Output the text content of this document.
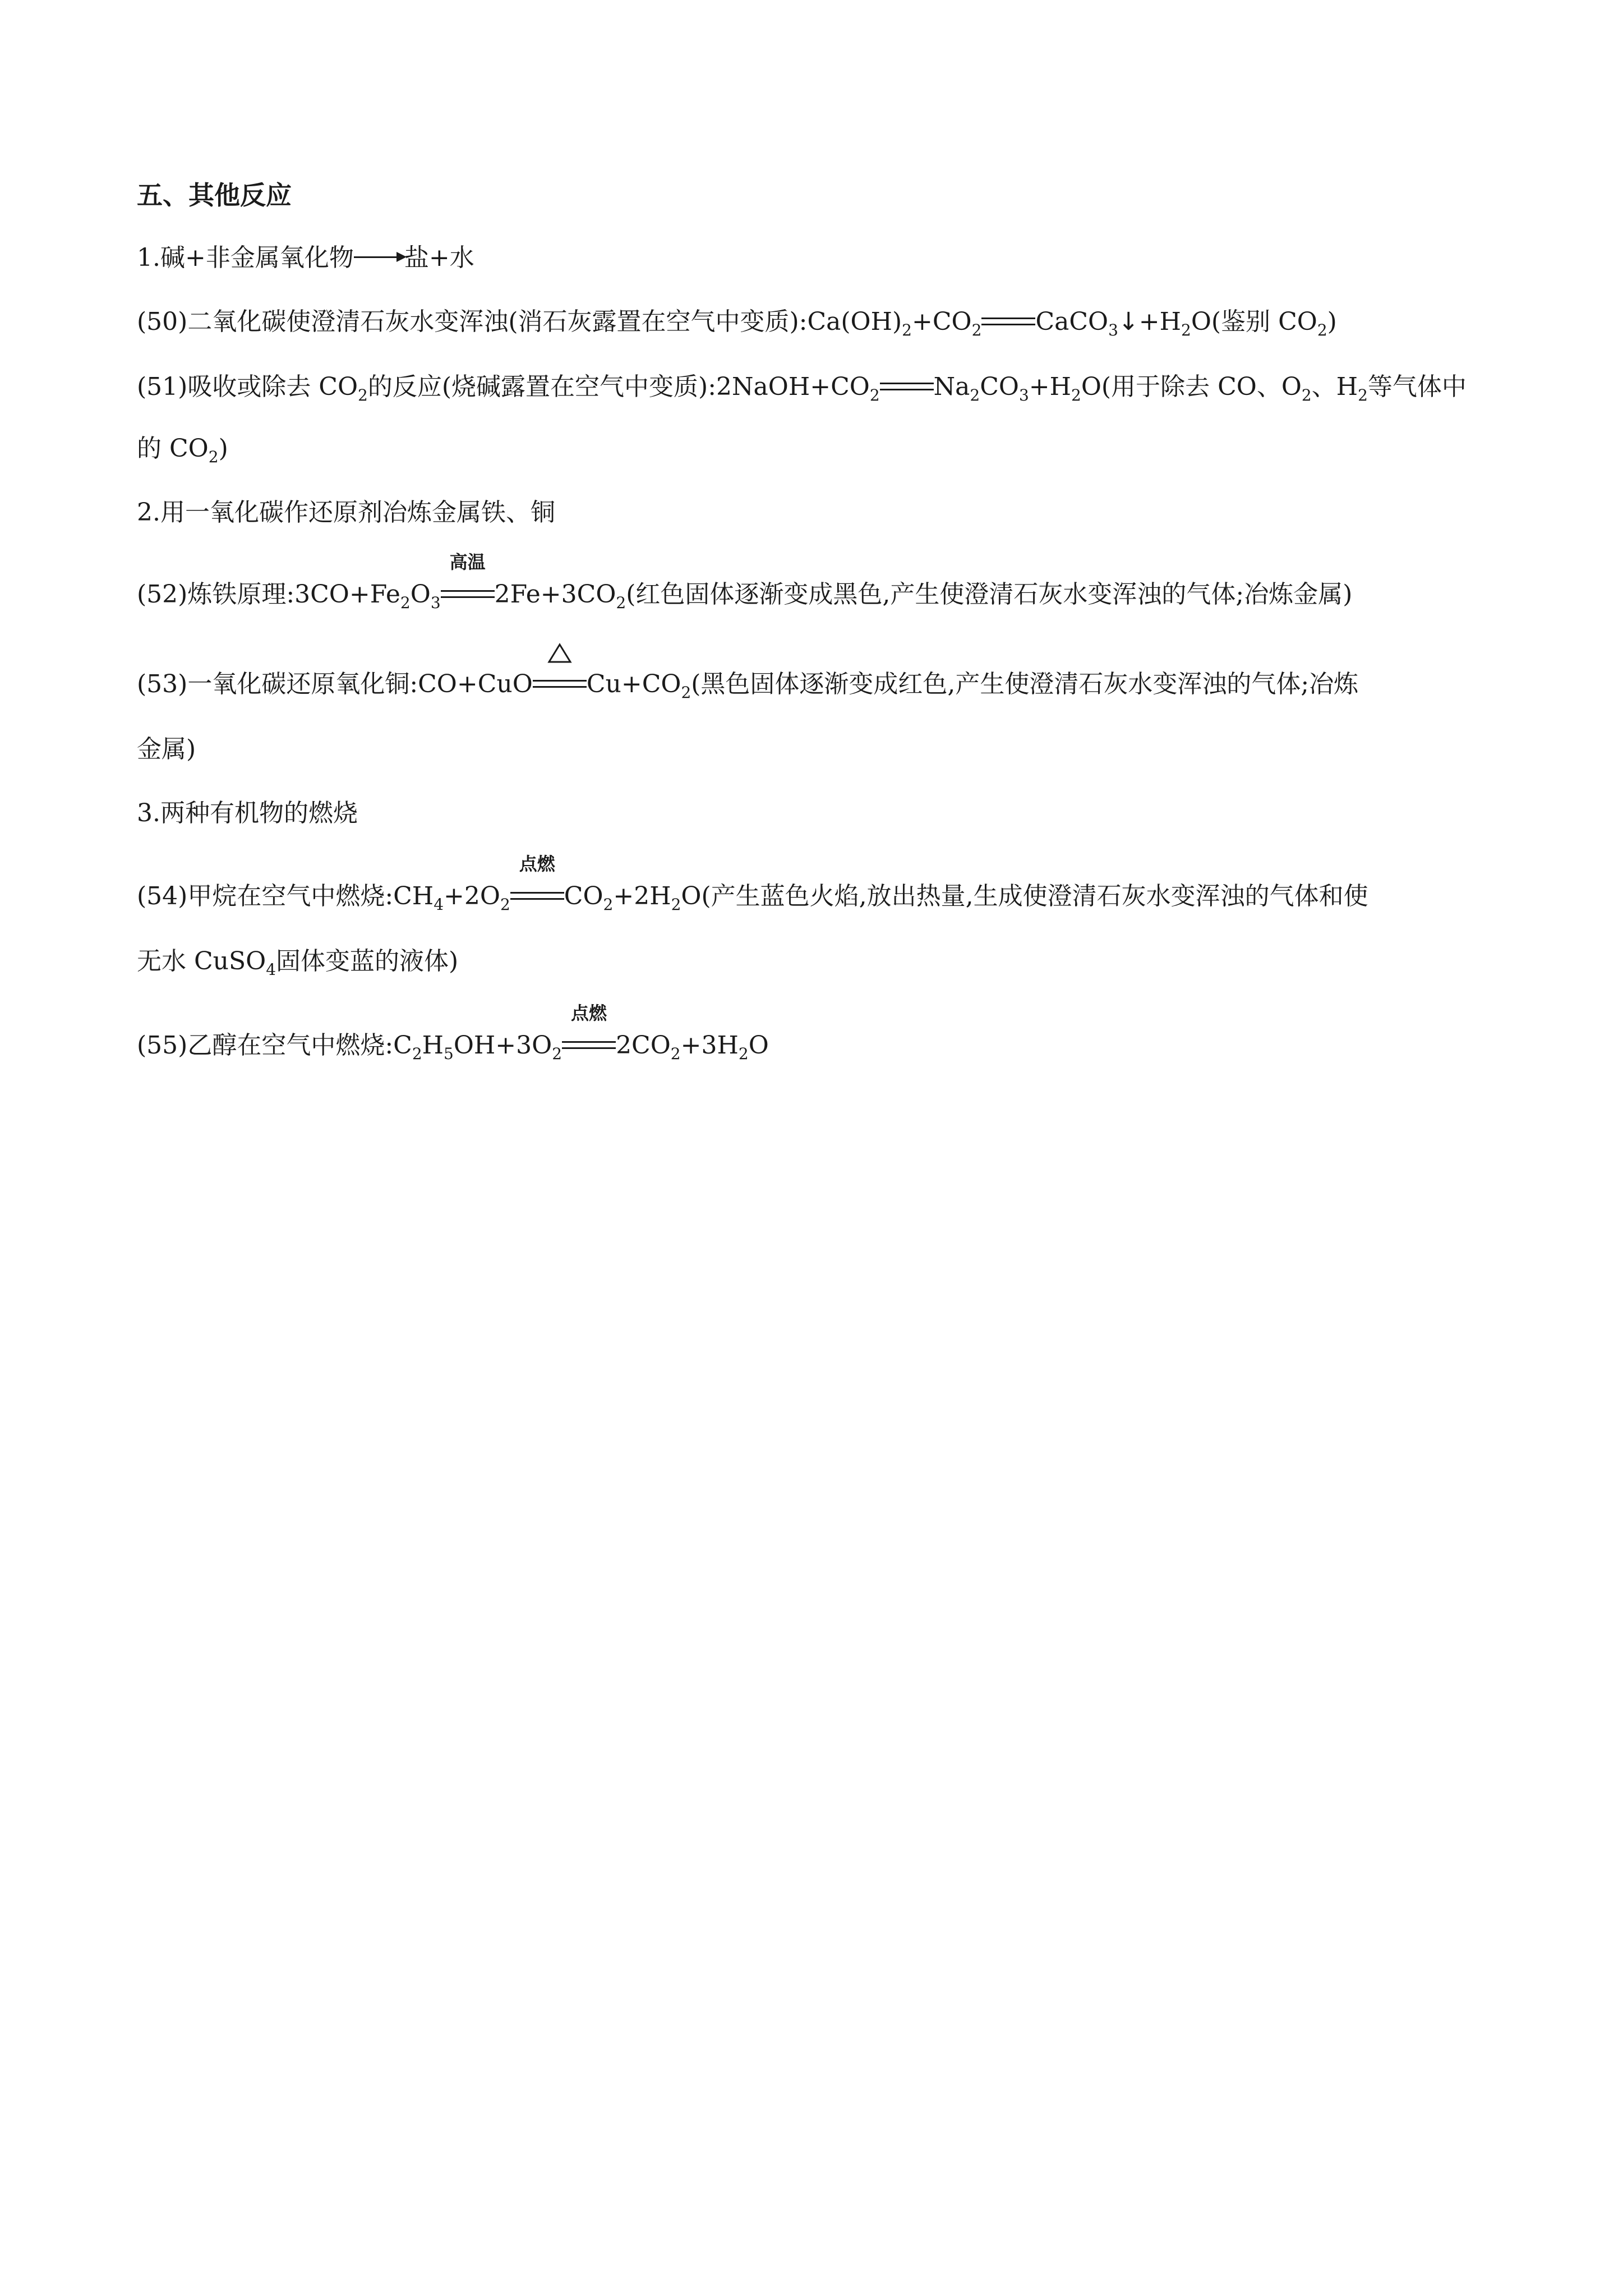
五、其他反应
1.碱+非金属氧化物→盐+水
(50)二氧化碳使澄清石灰水变浑浊(消石灰露置在空气中变质)$:Ca(OH)_2+CO_2$ $CaCO_3↓+H_2O$(鉴别 $CO_2$)
(51)吸收或除去 $CO_2$的反应(烧碱露置在空气中变质)$:2NaOH+CO_2$ $Na_2CO_3+H_2O$(用于除去 CO、$O_2$、$H_2$等气体中
的 $CO_2$)
2.用一氧化碳作还原剂冶炼金属铁、铜
(52)炼铁原理$:3CO+Fe_2O_3$
高温
$2Fe+3CO_2$(红色固体逐渐变成黑色,产生使澄清石灰水变浑浊的气体;冶炼金属)
(53)一氧化碳还原氧化铜:CO+CuO $Cu+CO_2$(黑色固体逐渐变成红色,产生使澄清石灰水变浑浊的气体;冶炼
金属)
3.两种有机物的燃烧
(54)甲烷在空气中燃烧$:CH_4+2O_2$
点燃
$CO_2+2H_2O$(产生蓝色火焰,放出热量,生成使澄清石灰水变浑浊的气体和使
无水 CuSO$_4$固体变蓝的液体)
(55)乙醇在空气中燃烧$:C_2H_5OH+3O_2$
点燃
$2CO_2+3H_2O$
